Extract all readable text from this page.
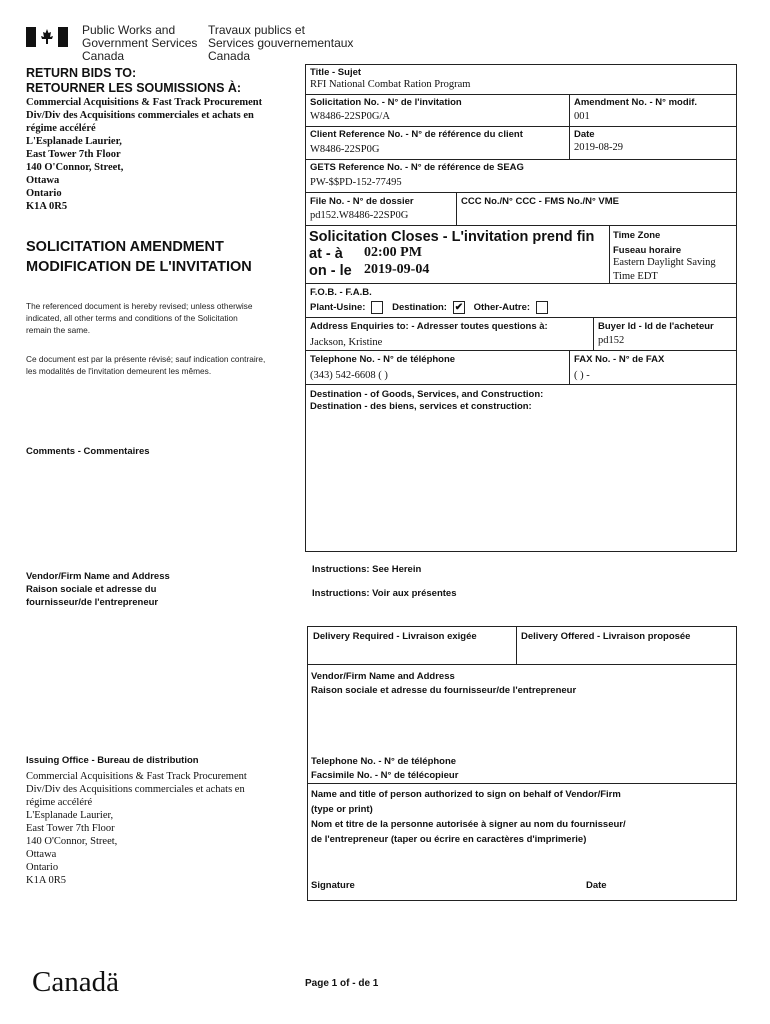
Public Works and
Government Services
Canada
Travaux publics et
Services gouvernementaux
Canada
RETURN BIDS TO:
RETOURNER LES SOUMISSIONS À:
Commercial Acquisitions & Fast Track Procurement
Div/Div des Acquisitions commerciales et achats en
régime accéléré
L'Esplanade Laurier,
East Tower 7th Floor
140 O'Connor, Street,
Ottawa
Ontario
K1A 0R5
SOLICITATION AMENDMENT
MODIFICATION DE L'INVITATION
The referenced document is hereby revised; unless otherwise
indicated, all other terms and conditions of the Solicitation
remain the same.
Ce document est par la présente révisé; sauf indication contraire,
les modalités de l'invitation demeurent les mêmes.
Comments - Commentaires
Vendor/Firm Name and Address
Raison sociale et adresse du
fournisseur/de l'entrepreneur
Issuing Office - Bureau de distribution
Commercial Acquisitions & Fast Track Procurement
Div/Div des Acquisitions commerciales et achats en
régime accéléré
L'Esplanade Laurier,
East Tower 7th Floor
140 O'Connor, Street,
Ottawa
Ontario
K1A 0R5
Title - Sujet
RFI National Combat Ration Program
Solicitation No. - N° de l'invitation
W8486-22SP0G/A
Amendment No. - N° modif.
001
Client Reference No. - N° de référence du client
W8486-22SP0G
Date
2019-08-29
GETS Reference No. - N° de référence de SEAG
PW-$$PD-152-77495
File No. - N° de dossier
pd152.W8486-22SP0G
CCC No./N° CCC - FMS No./N° VME
Solicitation Closes - L'invitation prend fin
at - à 02:00 PM
on - le 2019-09-04
Time Zone
Fuseau horaire
Eastern Daylight Saving
Time EDT
F.O.B. - F.A.B.
Plant-Usine:	Destination: ✔ Other-Autre:
Address Enquiries to: - Adresser toutes questions à:
Jackson, Kristine
Buyer Id - Id de l'acheteur
pd152
Telephone No. - N° de téléphone
(343) 542-6608 ( )
FAX No. - N° de FAX
( ) -
Destination - of Goods, Services, and Construction:
Destination - des biens, services et construction:
Instructions: See Herein
Instructions: Voir aux présentes
Delivery Required - Livraison exigée	Delivery Offered - Livraison proposée
Vendor/Firm Name and Address
Raison sociale et adresse du fournisseur/de l'entrepreneur
Telephone No. - N° de téléphone
Facsimile No. - N° de télécopieur
Name and title of person authorized to sign on behalf of Vendor/Firm
(type or print)
Nom et titre de la personne autorisée à signer au nom du fournisseur/
de l'entrepreneur (taper ou écrire en caractères d'imprimerie)
Signature	Date
Canadä	Page 1 of - de 1
